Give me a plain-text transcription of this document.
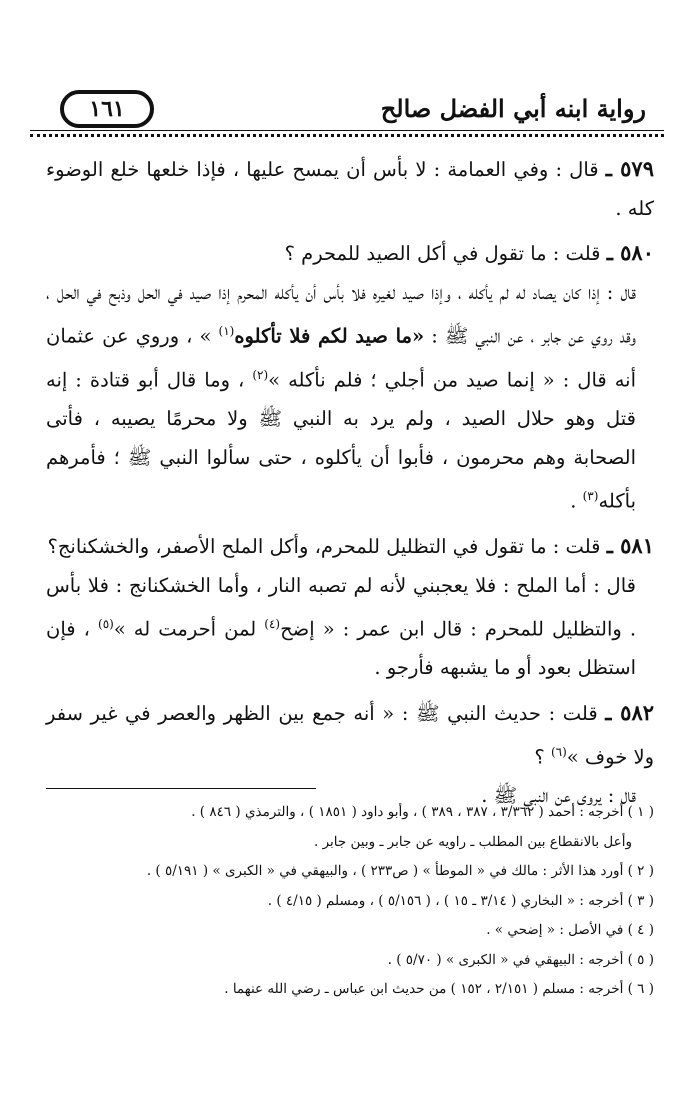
رواية ابنه أبي الفضل صالح
١٦١

٥٧٩ ـ قال : وفي العمامة : لا بأس أن يمسح عليها ، فإذا خلعها خلع الوضوء كله .

٥٨٠ ـ قلت : ما تقول في أكل الصيد للمحرم ؟
قال : إذا كان يصاد له لم يأكله ، وإذا صيد لغيره فلا بأس أن يأكله المحرم إذا صيد في الحل وذبح في الحل ، وقد روي عن جابر ، عن النبي ﷺ : «ما صيد لكم فلا تأكلوه$^{(١)}$ » ، وروي عن عثمان أنه قال : « إنما صيد من أجلي ؛ فلم نأكله »$^{(٢)}$ ، وما قال أبو قتادة : إنه قتل وهو حلال الصيد ، ولم يرد به النبي ﷺ ولا محرمًا يصيبه ، فأتى الصحابة وهم محرمون ، فأبوا أن يأكلوه ، حتى سألوا النبي ﷺ ؛ فأمرهم بأكله$^{(٣)}$ .

٥٨١ ـ قلت : ما تقول في التظليل للمحرم، وأكل الملح الأصفر، والخشكنانج؟
قال : أما الملح : فلا يعجبني لأنه لم تصبه النار ، وأما الخشكنانج : فلا بأس . والتظليل للمحرم : قال ابن عمر : « إضح$^{(٤)}$ لمن أحرمت له »$^{(٥)}$ ، فإن استظل بعود أو ما يشبهه فأرجو .

٥٨٢ ـ قلت : حديث النبي ﷺ : « أنه جمع بين الظهر والعصر في غير سفر ولا خوف »$^{(٦)}$ ؟
قال : يروى عن النبي ﷺ .

( ١ ) أخرجه : أحمد ( ٣/٣٦٢ ، ٣٨٧ ، ٣٨٩ ) ، وأبو داود ( ١٨٥١ ) ، والترمذي ( ٨٤٦ ) .

وأعل بالانقطاع بين المطلب ـ راويه عن جابر ـ وبين جابر .

( ٢ ) أورد هذا الأثر : مالك في « الموطأ » ( ص٢٣٣ ) ، والبيهقي في « الكبرى » ( ٥/١٩١ ) .

( ٣ ) أخرجه : « البخاري ( ٣/١٤ ـ ١٥ ) ، ( ٥/١٥٦ ) ، ومسلم ( ٤/١٥ ) .

( ٤ ) في الأصل : « إضحي » .

( ٥ ) أخرجه : البيهقي في « الكبرى » ( ٥/٧٠ ) .

( ٦ ) أخرجه : مسلم ( ٢/١٥١ ، ١٥٢ ) من حديث ابن عباس ـ رضي الله عنهما .
